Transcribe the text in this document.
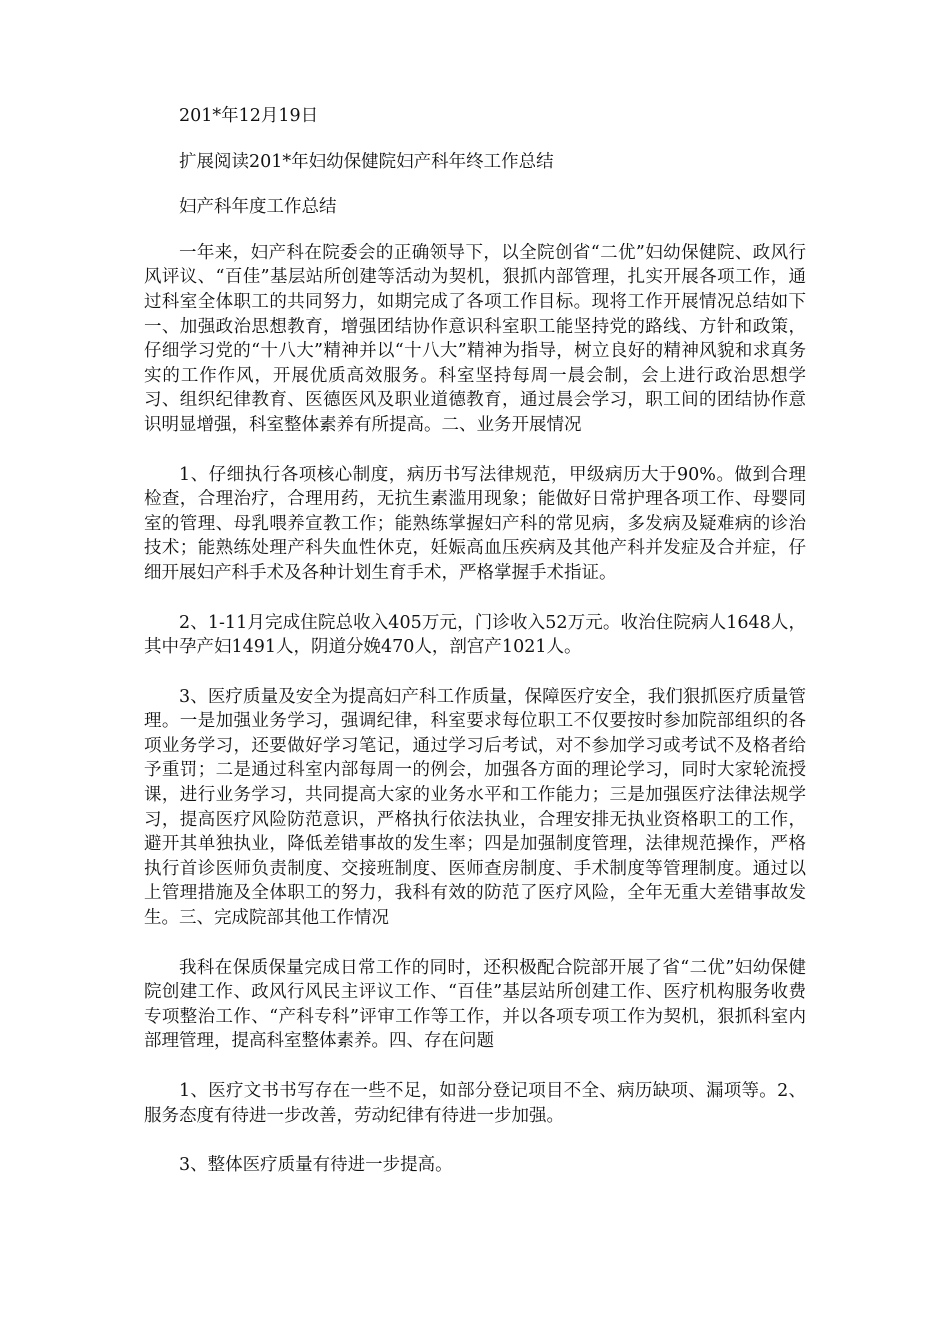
201*年12月19日

扩展阅读201*年妇幼保健院妇产科年终工作总结

妇产科年度工作总结

一年来，妇产科在院委会的正确领导下，以全院创省“二优”妇幼保健院、政风行风评议、“百佳”基层站所创建等活动为契机，狠抓内部管理，扎实开展各项工作，通过科室全体职工的共同努力，如期完成了各项工作目标。现将工作开展情况总结如下一、加强政治思想教育，增强团结协作意识科室职工能坚持党的路线、方针和政策，仔细学习党的“十八大”精神并以“十八大”精神为指导，树立良好的精神风貌和求真务实的工作作风，开展优质高效服务。科室坚持每周一晨会制，会上进行政治思想学习、组织纪律教育、医德医风及职业道德教育，通过晨会学习，职工间的团结协作意识明显增强，科室整体素养有所提高。二、业务开展情况

1、仔细执行各项核心制度，病历书写法律规范，甲级病历大于90%。做到合理检查，合理治疗，合理用药，无抗生素滥用现象；能做好日常护理各项工作、母婴同室的管理、母乳喂养宣教工作；能熟练掌握妇产科的常见病，多发病及疑难病的诊治技术；能熟练处理产科失血性休克，妊娠高血压疾病及其他产科并发症及合并症，仔细开展妇产科手术及各种计划生育手术，严格掌握手术指证。

2、1-11月完成住院总收入405万元，门诊收入52万元。收治住院病人1648人，其中孕产妇1491人，阴道分娩470人，剖宫产1021人。

3、医疗质量及安全为提高妇产科工作质量，保障医疗安全，我们狠抓医疗质量管理。一是加强业务学习，强调纪律，科室要求每位职工不仅要按时参加院部组织的各项业务学习，还要做好学习笔记，通过学习后考试，对不参加学习或考试不及格者给予重罚；二是通过科室内部每周一的例会，加强各方面的理论学习，同时大家轮流授课，进行业务学习，共同提高大家的业务水平和工作能力；三是加强医疗法律法规学习，提高医疗风险防范意识，严格执行依法执业，合理安排无执业资格职工的工作，避开其单独执业，降低差错事故的发生率；四是加强制度管理，法律规范操作，严格执行首诊医师负责制度、交接班制度、医师查房制度、手术制度等管理制度。通过以上管理措施及全体职工的努力，我科有效的防范了医疗风险，全年无重大差错事故发生。三、完成院部其他工作情况

我科在保质保量完成日常工作的同时，还积极配合院部开展了省“二优”妇幼保健院创建工作、政风行风民主评议工作、“百佳”基层站所创建工作、医疗机构服务收费专项整治工作、“产科专科”评审工作等工作，并以各项专项工作为契机，狠抓科室内部理管理，提高科室整体素养。四、存在问题

1、医疗文书书写存在一些不足，如部分登记项目不全、病历缺项、漏项等。2、服务态度有待进一步改善，劳动纪律有待进一步加强。

3、整体医疗质量有待进一步提高。
